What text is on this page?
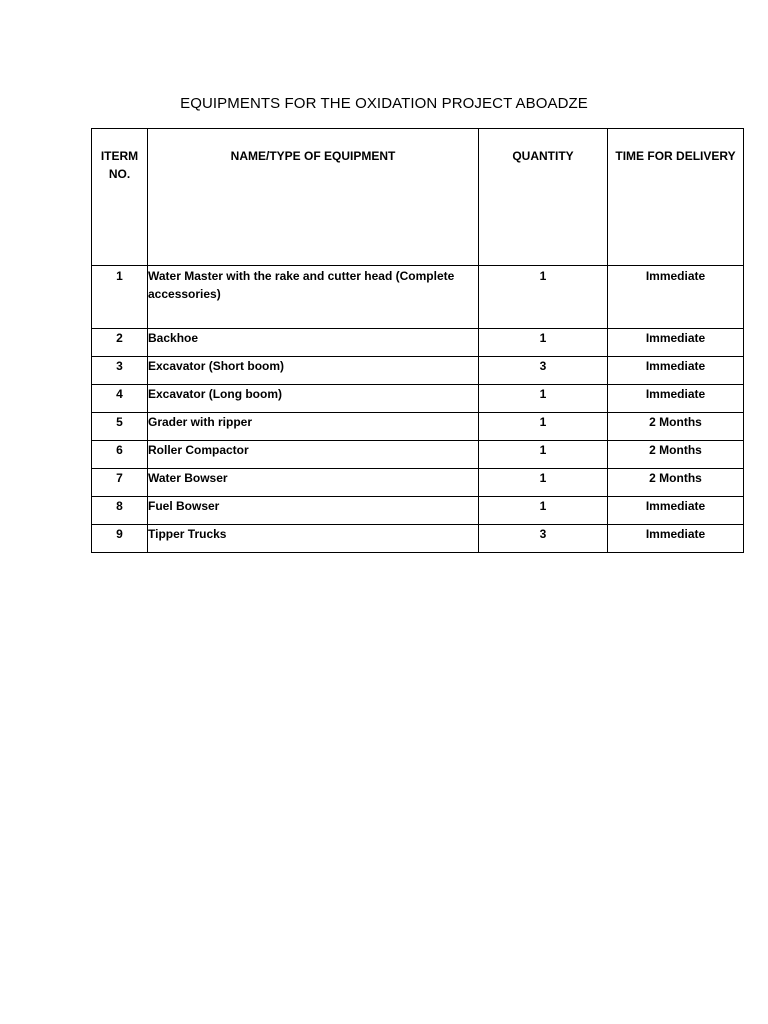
EQUIPMENTS FOR THE OXIDATION PROJECT ABOADZE
ITERM
NO.	NAME/TYPE OF EQUIPMENT	QUANTITY	TIME FOR DELIVERY

1	Water Master with the rake and cutter head (Complete accessories)	1	Immediate

2	Backhoe	1	Immediate
3	Excavator (Short boom)	3	Immediate
4	Excavator (Long boom)	1	Immediate
5	Grader with ripper	1	2 Months
6	Roller Compactor	1	2 Months
7	Water Bowser	1	2 Months
8	Fuel Bowser	1	Immediate
9	Tipper Trucks	3	Immediate
